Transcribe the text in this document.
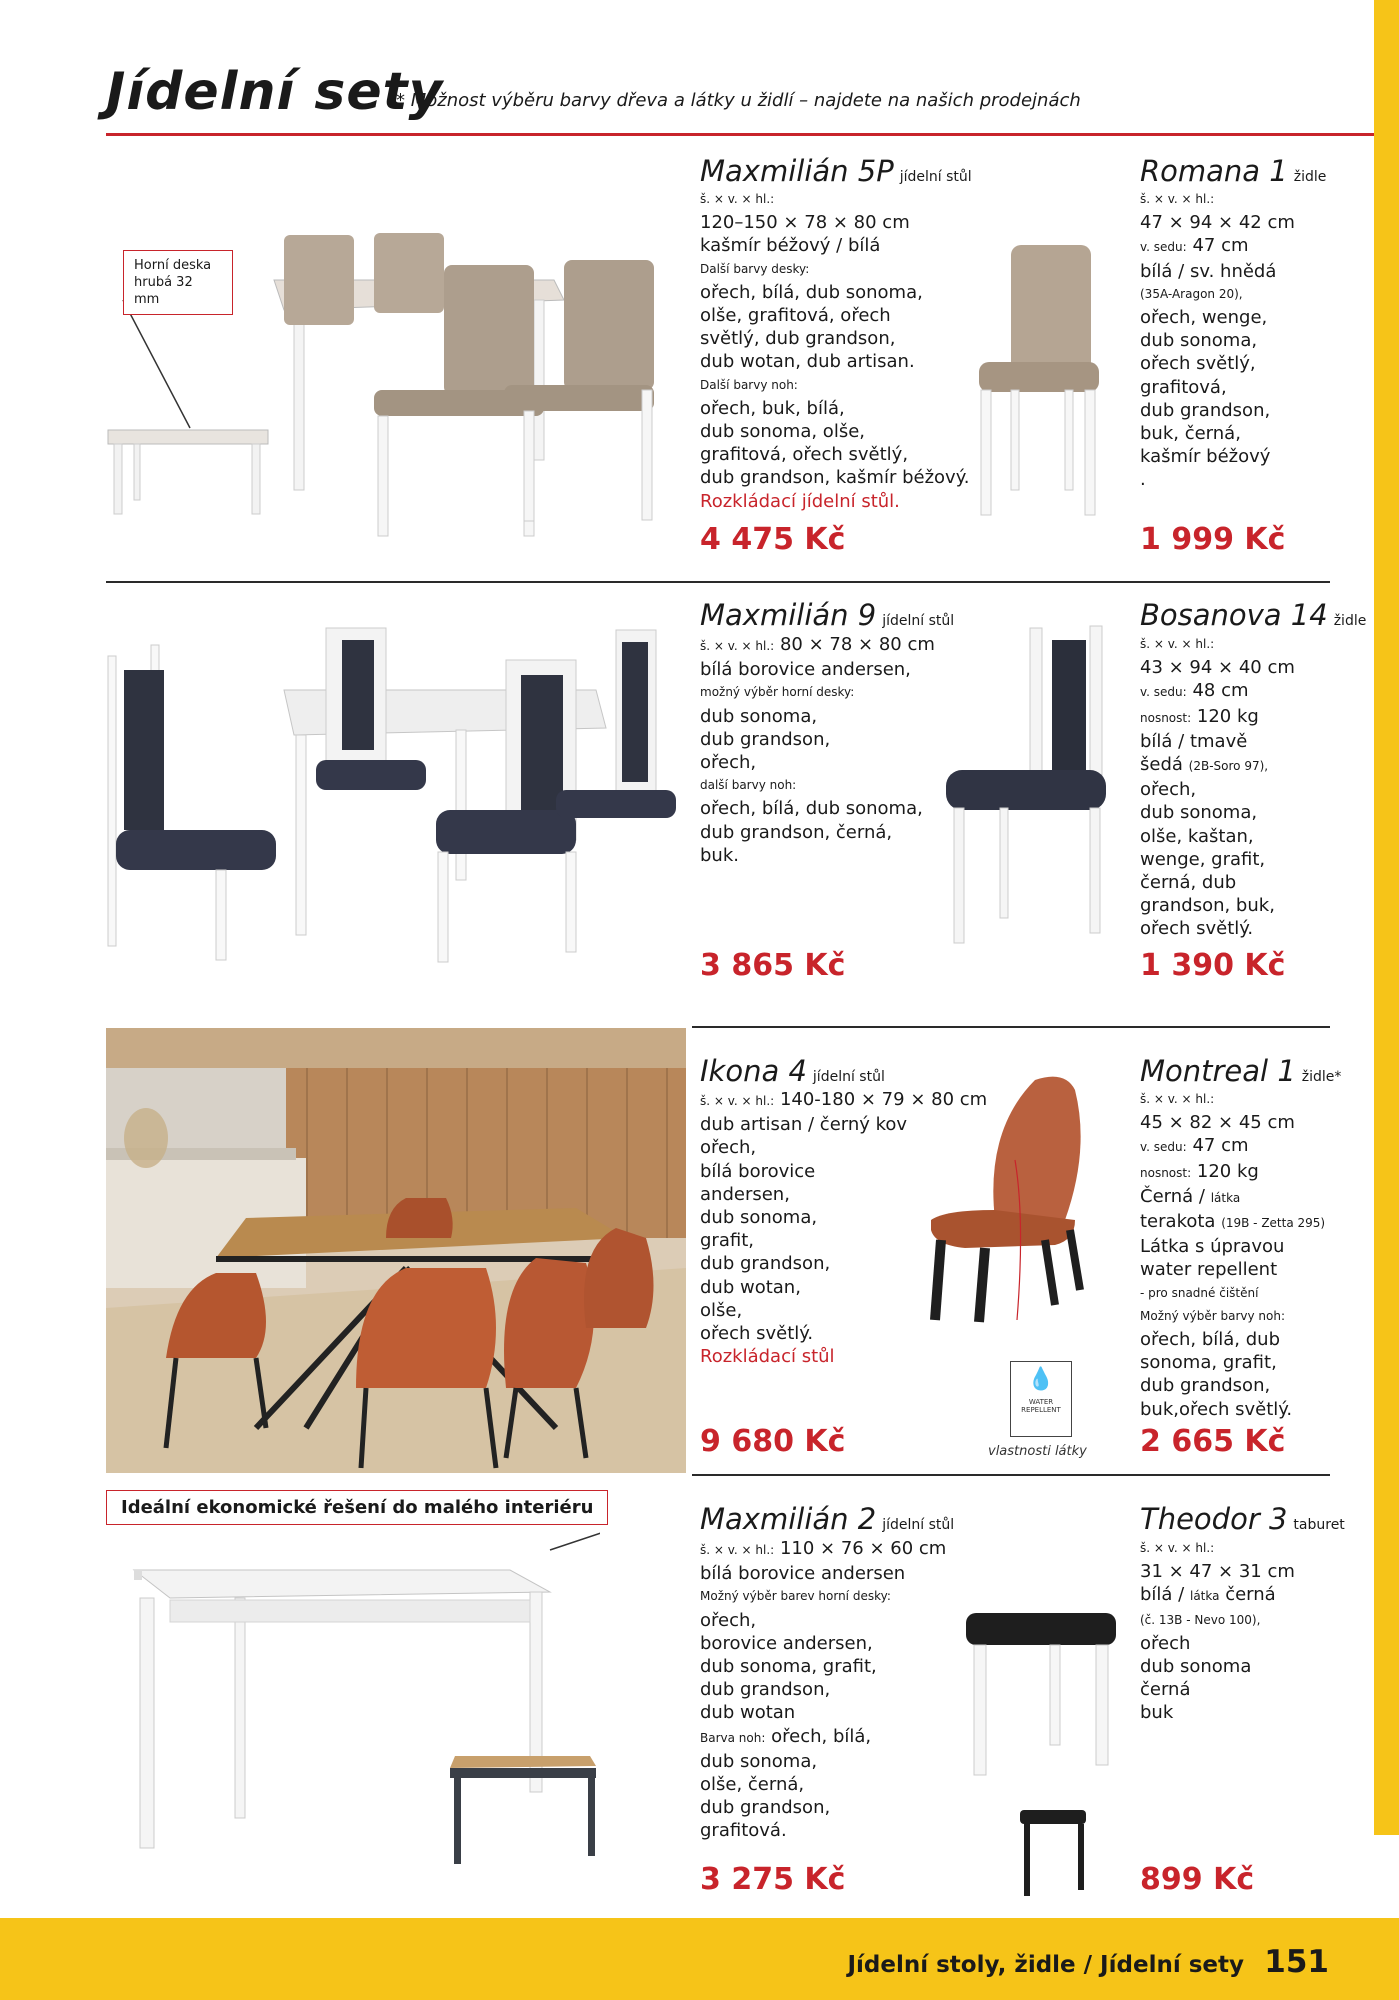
Jídelní stoly, židle / Jídelní sety 151
Jídelní sety
* Možnost výběru barvy dřeva a látky u židlí – najdete na našich prodejnách
Horní deska hrubá 32 mm
💧
WATER
REPELLENT
vlastnosti látky
Ideální ekonomické řešení do malého interiéru
Maxmilián 5P jídelní stůl
š. × v. × hl.:
120–150 × 78 × 80 cm
kašmír béžový / bílá
Další barvy desky:
ořech, bílá, dub sonoma,
olše, grafitová, ořech
světlý, dub grandson,
dub wotan, dub artisan.
Další barvy noh:
ořech, buk, bílá,
dub sonoma, olše,
grafitová, ořech světlý,
dub grandson, kašmír béžový.
Rozkládací jídelní stůl.
4 475 Kč
Romana 1 židle
š. × v. × hl.:
47 × 94 × 42 cm
v. sedu: 47 cm
bílá / sv. hnědá
(35A-Aragon 20),
ořech, wenge,
dub sonoma,
ořech světlý,
grafitová,
dub grandson,
buk, černá,
kašmír béžový
.
1 999 Kč
Maxmilián 9 jídelní stůl
š. × v. × hl.: 80 × 78 × 80 cm
bílá borovice andersen,
možný výběr horní desky:
dub sonoma,
dub grandson,
ořech,
další barvy noh:
ořech, bílá, dub sonoma,
dub grandson, černá,
buk.
3 865 Kč
Bosanova 14 židle
š. × v. × hl.:
43 × 94 × 40 cm
v. sedu: 48 cm
nosnost: 120 kg
bílá / tmavě
šedá (2B-Soro 97),
ořech,
dub sonoma,
olše, kaštan,
wenge, grafit,
černá, dub
grandson, buk,
ořech světlý.
1 390 Kč
Ikona 4 jídelní stůl
š. × v. × hl.: 140-180 × 79 × 80 cm
dub artisan / černý kov
ořech,
bílá borovice
andersen,
dub sonoma,
grafit,
dub grandson,
dub wotan,
olše,
ořech světlý.
Rozkládací stůl
9 680 Kč
Montreal 1 židle*
š. × v. × hl.:
45 × 82 × 45 cm
v. sedu: 47 cm
nosnost: 120 kg
Černá / látka
terakota (19B - Zetta 295)
Látka s úpravou
water repellent
- pro snadné čištění
Možný výběr barvy noh:
ořech, bílá, dub
sonoma, grafit,
dub grandson,
buk,ořech světlý.
2 665 Kč
Maxmilián 2 jídelní stůl
š. × v. × hl.: 110 × 76 × 60 cm
bílá borovice andersen
Možný výběr barev horní desky:
ořech,
borovice andersen,
dub sonoma, grafit,
dub grandson,
dub wotan
Barva noh: ořech, bílá,
dub sonoma,
olše, černá,
dub grandson,
grafitová.
3 275 Kč
Theodor 3 taburet
š. × v. × hl.:
31 × 47 × 31 cm
bílá / látka černá
(č. 13B - Nevo 100),
ořech
dub sonoma
černá
buk
899 Kč
